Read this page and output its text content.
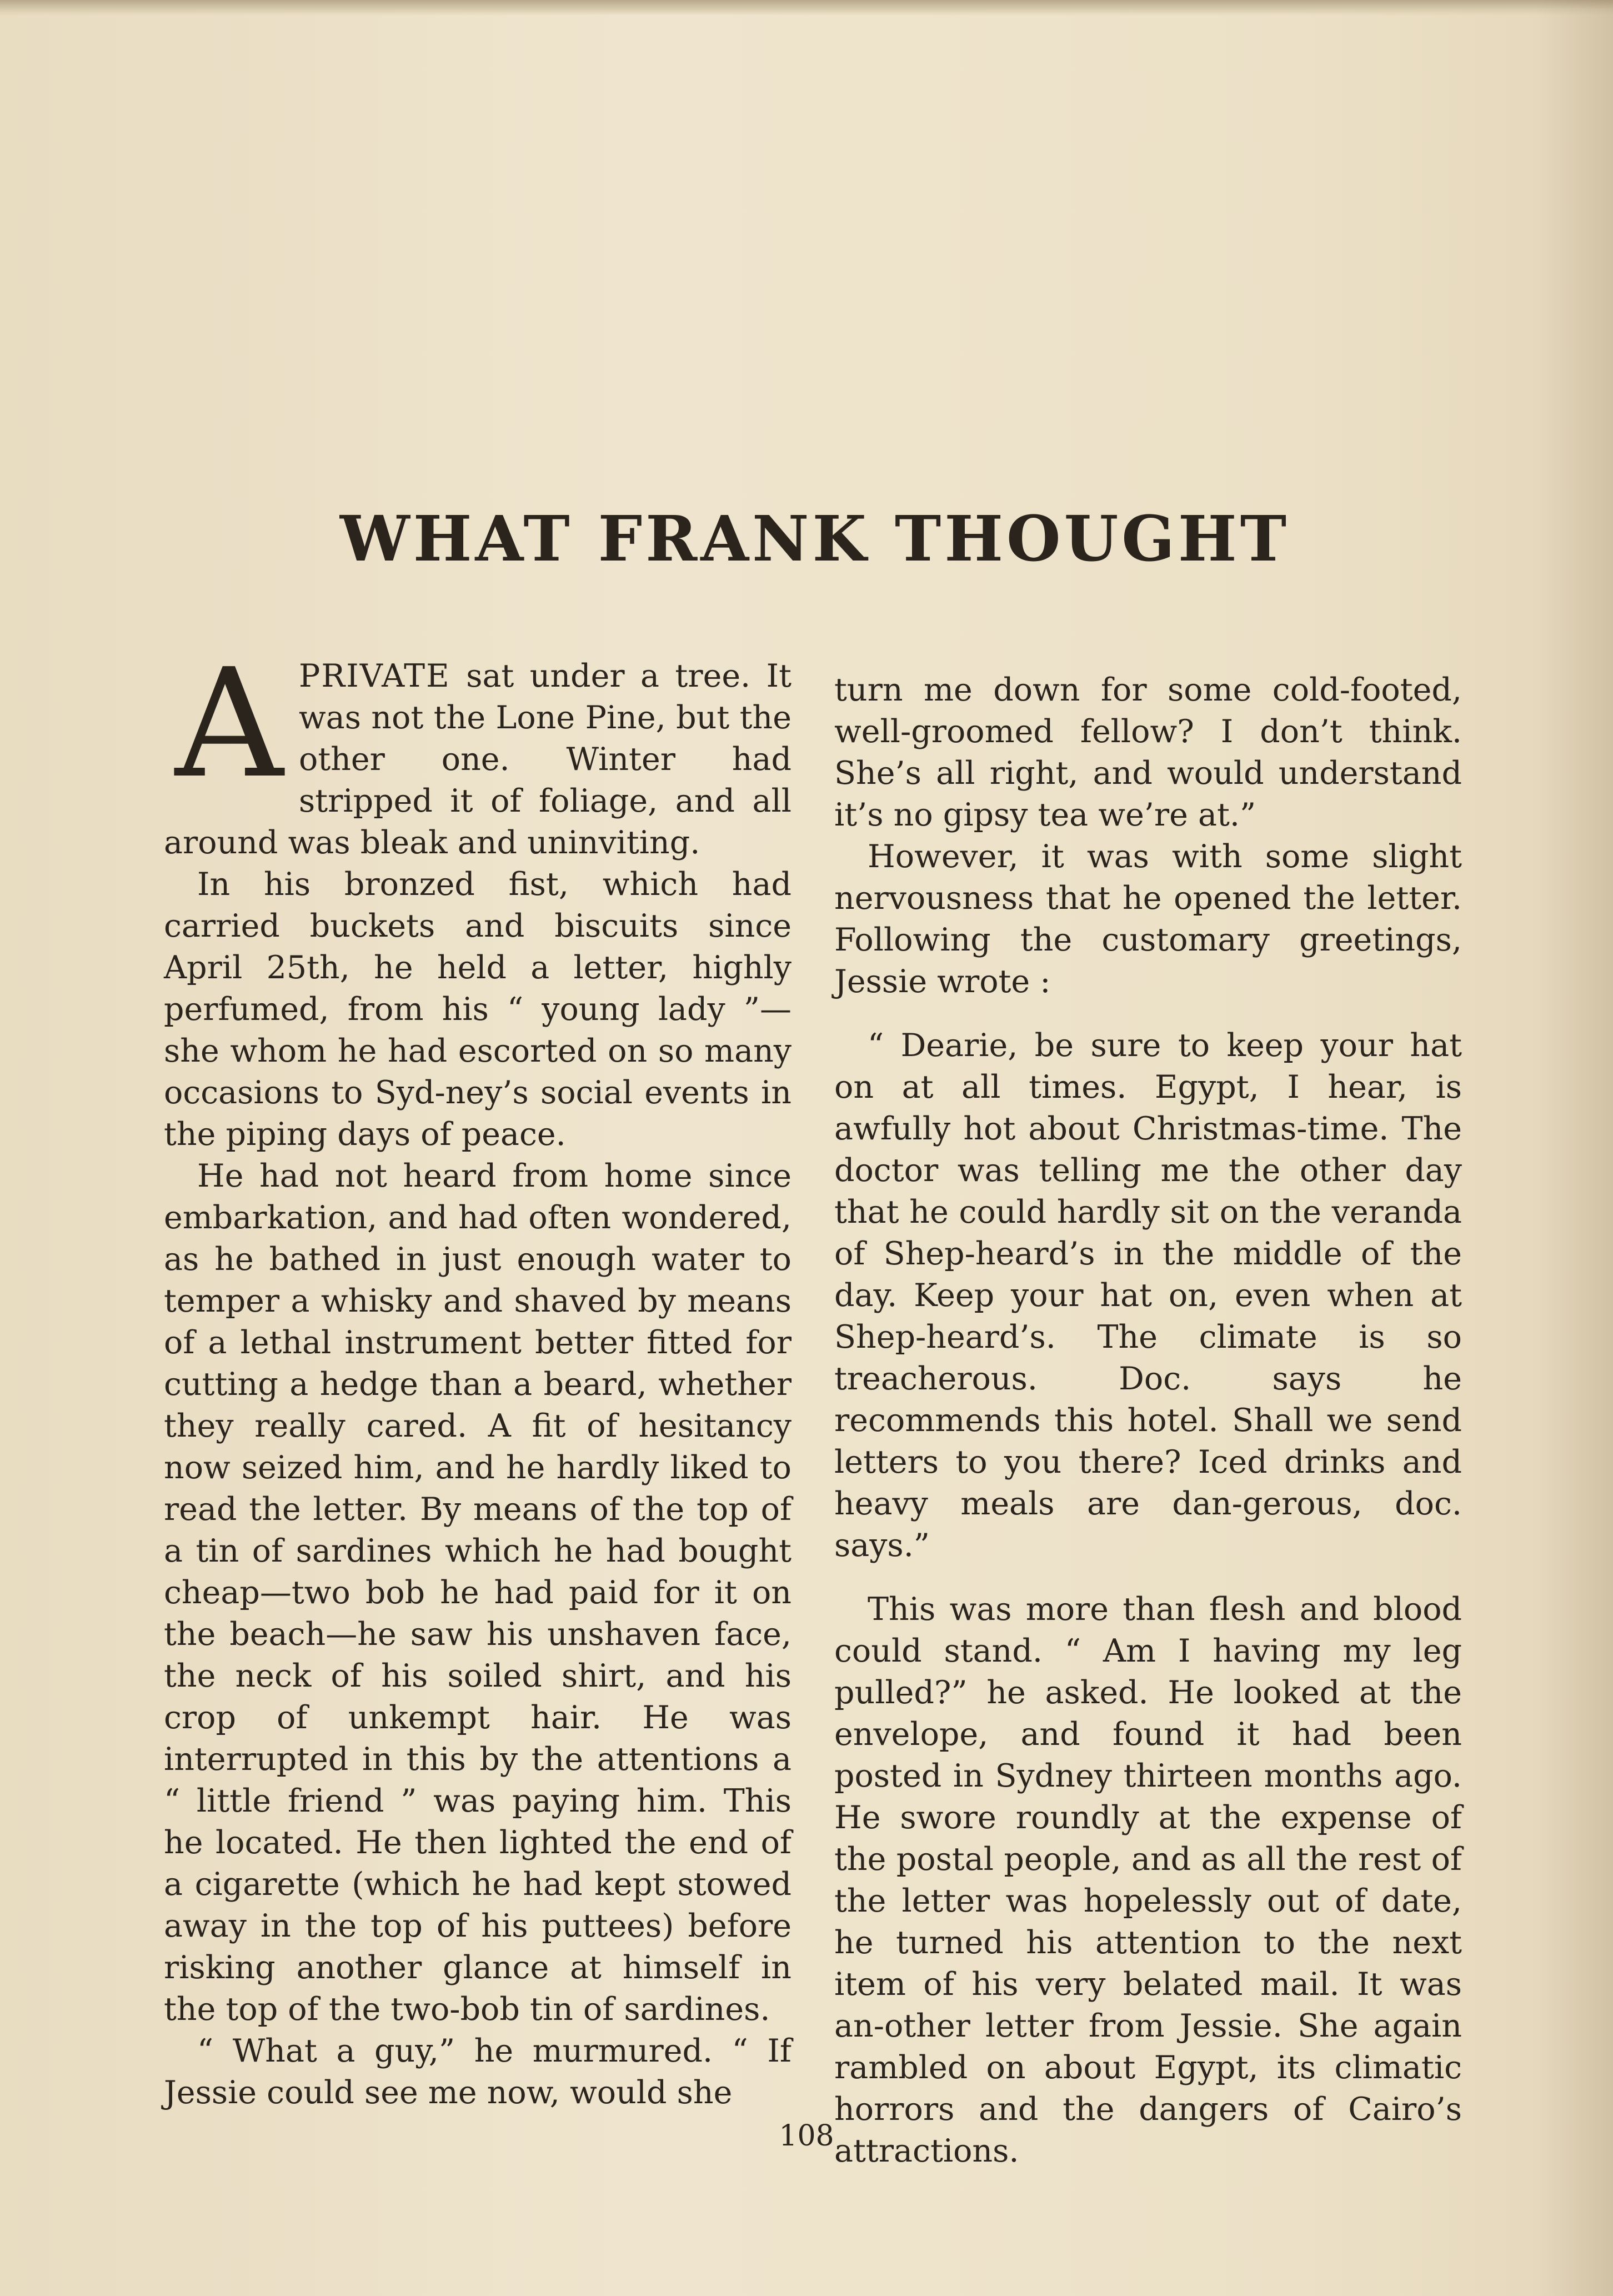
WHAT FRANK THOUGHT

APRIVATE sat under a tree. It was not the Lone Pine, but the other one. Winter had stripped it of foliage, and all around was bleak and uninviting.

In his bronzed fist, which had carried buckets and biscuits since April 25th, he held a letter, highly perfumed, from his “ young lady ”—she whom he had escorted on so many occasions to Syd-ney’s social events in the piping days of peace.

He had not heard from home since embarkation, and had often wondered, as he bathed in just enough water to temper a whisky and shaved by means of a lethal instrument better fitted for cutting a hedge than a beard, whether they really cared. A fit of hesitancy now seized him, and he hardly liked to read the letter. By means of the top of a tin of sardines which he had bought cheap—two bob he had paid for it on the beach—he saw his unshaven face, the neck of his soiled shirt, and his crop of unkempt hair. He was interrupted in this by the attentions a “ little friend ” was paying him. This he located. He then lighted the end of a cigarette (which he had kept stowed away in the top of his puttees) before risking another glance at himself in the top of the two-bob tin of sardines.

“ What a guy,” he murmured. “ If Jessie could see me now, would she

turn me down for some cold-footed, well-groomed fellow? I don’t think. She’s all right, and would understand it’s no gipsy tea we’re at.”

However, it was with some slight nervousness that he opened the letter. Following the customary greetings, Jessie wrote :

“ Dearie, be sure to keep your hat on at all times. Egypt, I hear, is awfully hot about Christmas-time. The doctor was telling me the other day that he could hardly sit on the veranda of Shep-heard’s in the middle of the day. Keep your hat on, even when at Shep-heard’s. The climate is so treacherous. Doc. says he recommends this hotel. Shall we send letters to you there? Iced drinks and heavy meals are dan-gerous, doc. says.”

This was more than flesh and blood could stand. “ Am I having my leg pulled?” he asked. He looked at the envelope, and found it had been posted in Sydney thirteen months ago. He swore roundly at the expense of the postal people, and as all the rest of the letter was hopelessly out of date, he turned his attention to the next item of his very belated mail. It was an-other letter from Jessie. She again rambled on about Egypt, its climatic horrors and the dangers of Cairo’s attractions.

108
